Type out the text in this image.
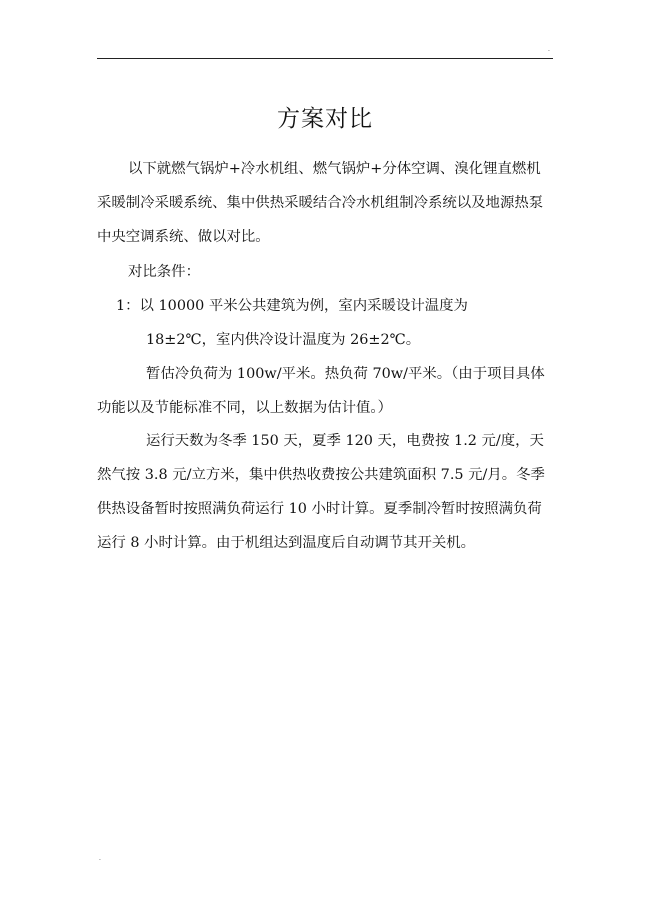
.
方案对比

以下就燃气锅炉+冷水机组、燃气锅炉+分体空调、溴化锂直燃机采暖制冷采暖系统、集中供热采暖结合冷水机组制冷系统以及地源热泵中央空调系统、做以对比。

对比条件：

1：以 10000 平米公共建筑为例，室内采暖设计温度为

18±2℃，室内供冷设计温度为 26±2℃。

暂估冷负荷为 100w/平米。热负荷 70w/平米。（由于项目具体功能以及节能标准不同，以上数据为估计值。）

运行天数为冬季 150 天，夏季 120 天，电费按 1.2 元/度，天然气按 3.8 元/立方米，集中供热收费按公共建筑面积 7.5 元/月。冬季供热设备暂时按照满负荷运行 10 小时计算。夏季制冷暂时按照满负荷运行 8 小时计算。由于机组达到温度后自动调节其开关机。

.
